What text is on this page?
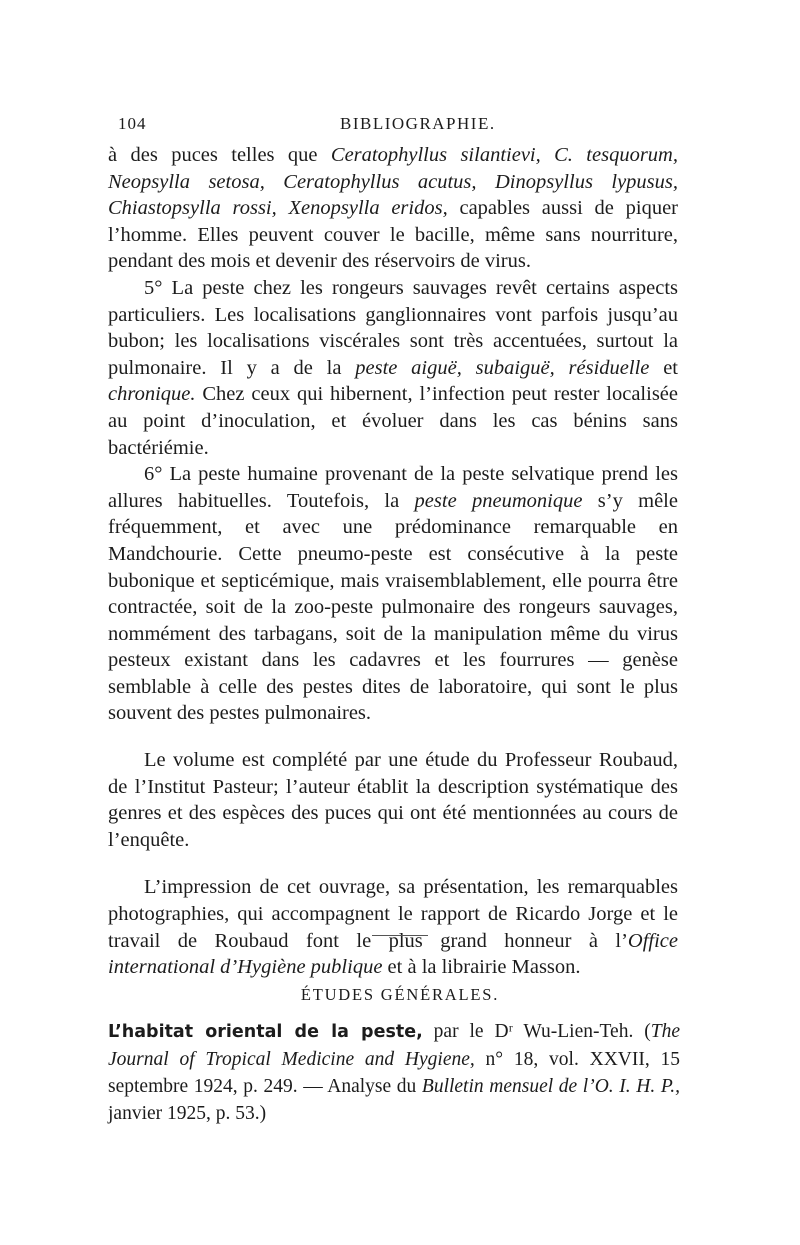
104	BIBLIOGRAPHIE.

à des puces telles que Ceratophyllus silantievi, C. tesquorum, Neopsylla setosa, Ceratophyllus acutus, Dinopsyllus lypusus, Chiastopsylla rossi, Xenopsylla eridos, capables aussi de piquer l’homme. Elles peuvent couver le bacille, même sans nourriture, pendant des mois et devenir des réservoirs de virus.

5° La peste chez les rongeurs sauvages revêt certains aspects particuliers. Les localisations ganglionnaires vont parfois jusqu’au bubon; les localisations viscérales sont très accentuées, surtout la pulmonaire. Il y a de la peste aiguë, subaiguë, résiduelle et chronique. Chez ceux qui hibernent, l’infection peut rester localisée au point d’inoculation, et évoluer dans les cas bénins sans bactériémie.

6° La peste humaine provenant de la peste selvatique prend les allures habituelles. Toutefois, la peste pneumonique s’y mêle fréquemment, et avec une prédominance remarquable en Mandchourie. Cette pneumo-peste est consécutive à la peste bubonique et septicémique, mais vraisemblablement, elle pourra être contractée, soit de la zoo-peste pulmonaire des rongeurs sauvages, nommément des tarbagans, soit de la manipulation même du virus pesteux existant dans les cadavres et les fourrures — genèse semblable à celle des pestes dites de laboratoire, qui sont le plus souvent des pestes pulmonaires.

Le volume est complété par une étude du Professeur Roubaud, de l’Institut Pasteur; l’auteur établit la description systématique des genres et des espèces des puces qui ont été mentionnées au cours de l’enquête.

L’impression de cet ouvrage, sa présentation, les remarquables photographies, qui accompagnent le rapport de Ricardo Jorge et le travail de Roubaud font le plus grand honneur à l’Office international d’Hygiène publique et à la librairie Masson.

ÉTUDES GÉNÉRALES.
L’habitat oriental de la peste, par le Dʳ Wu-Lien-Teh. (The Journal of Tropical Medicine and Hygiene, n° 18, vol. XXVII, 15 septembre 1924, p. 249. — Analyse du Bulletin mensuel de l’O. I. H. P., janvier 1925, p. 53.)
